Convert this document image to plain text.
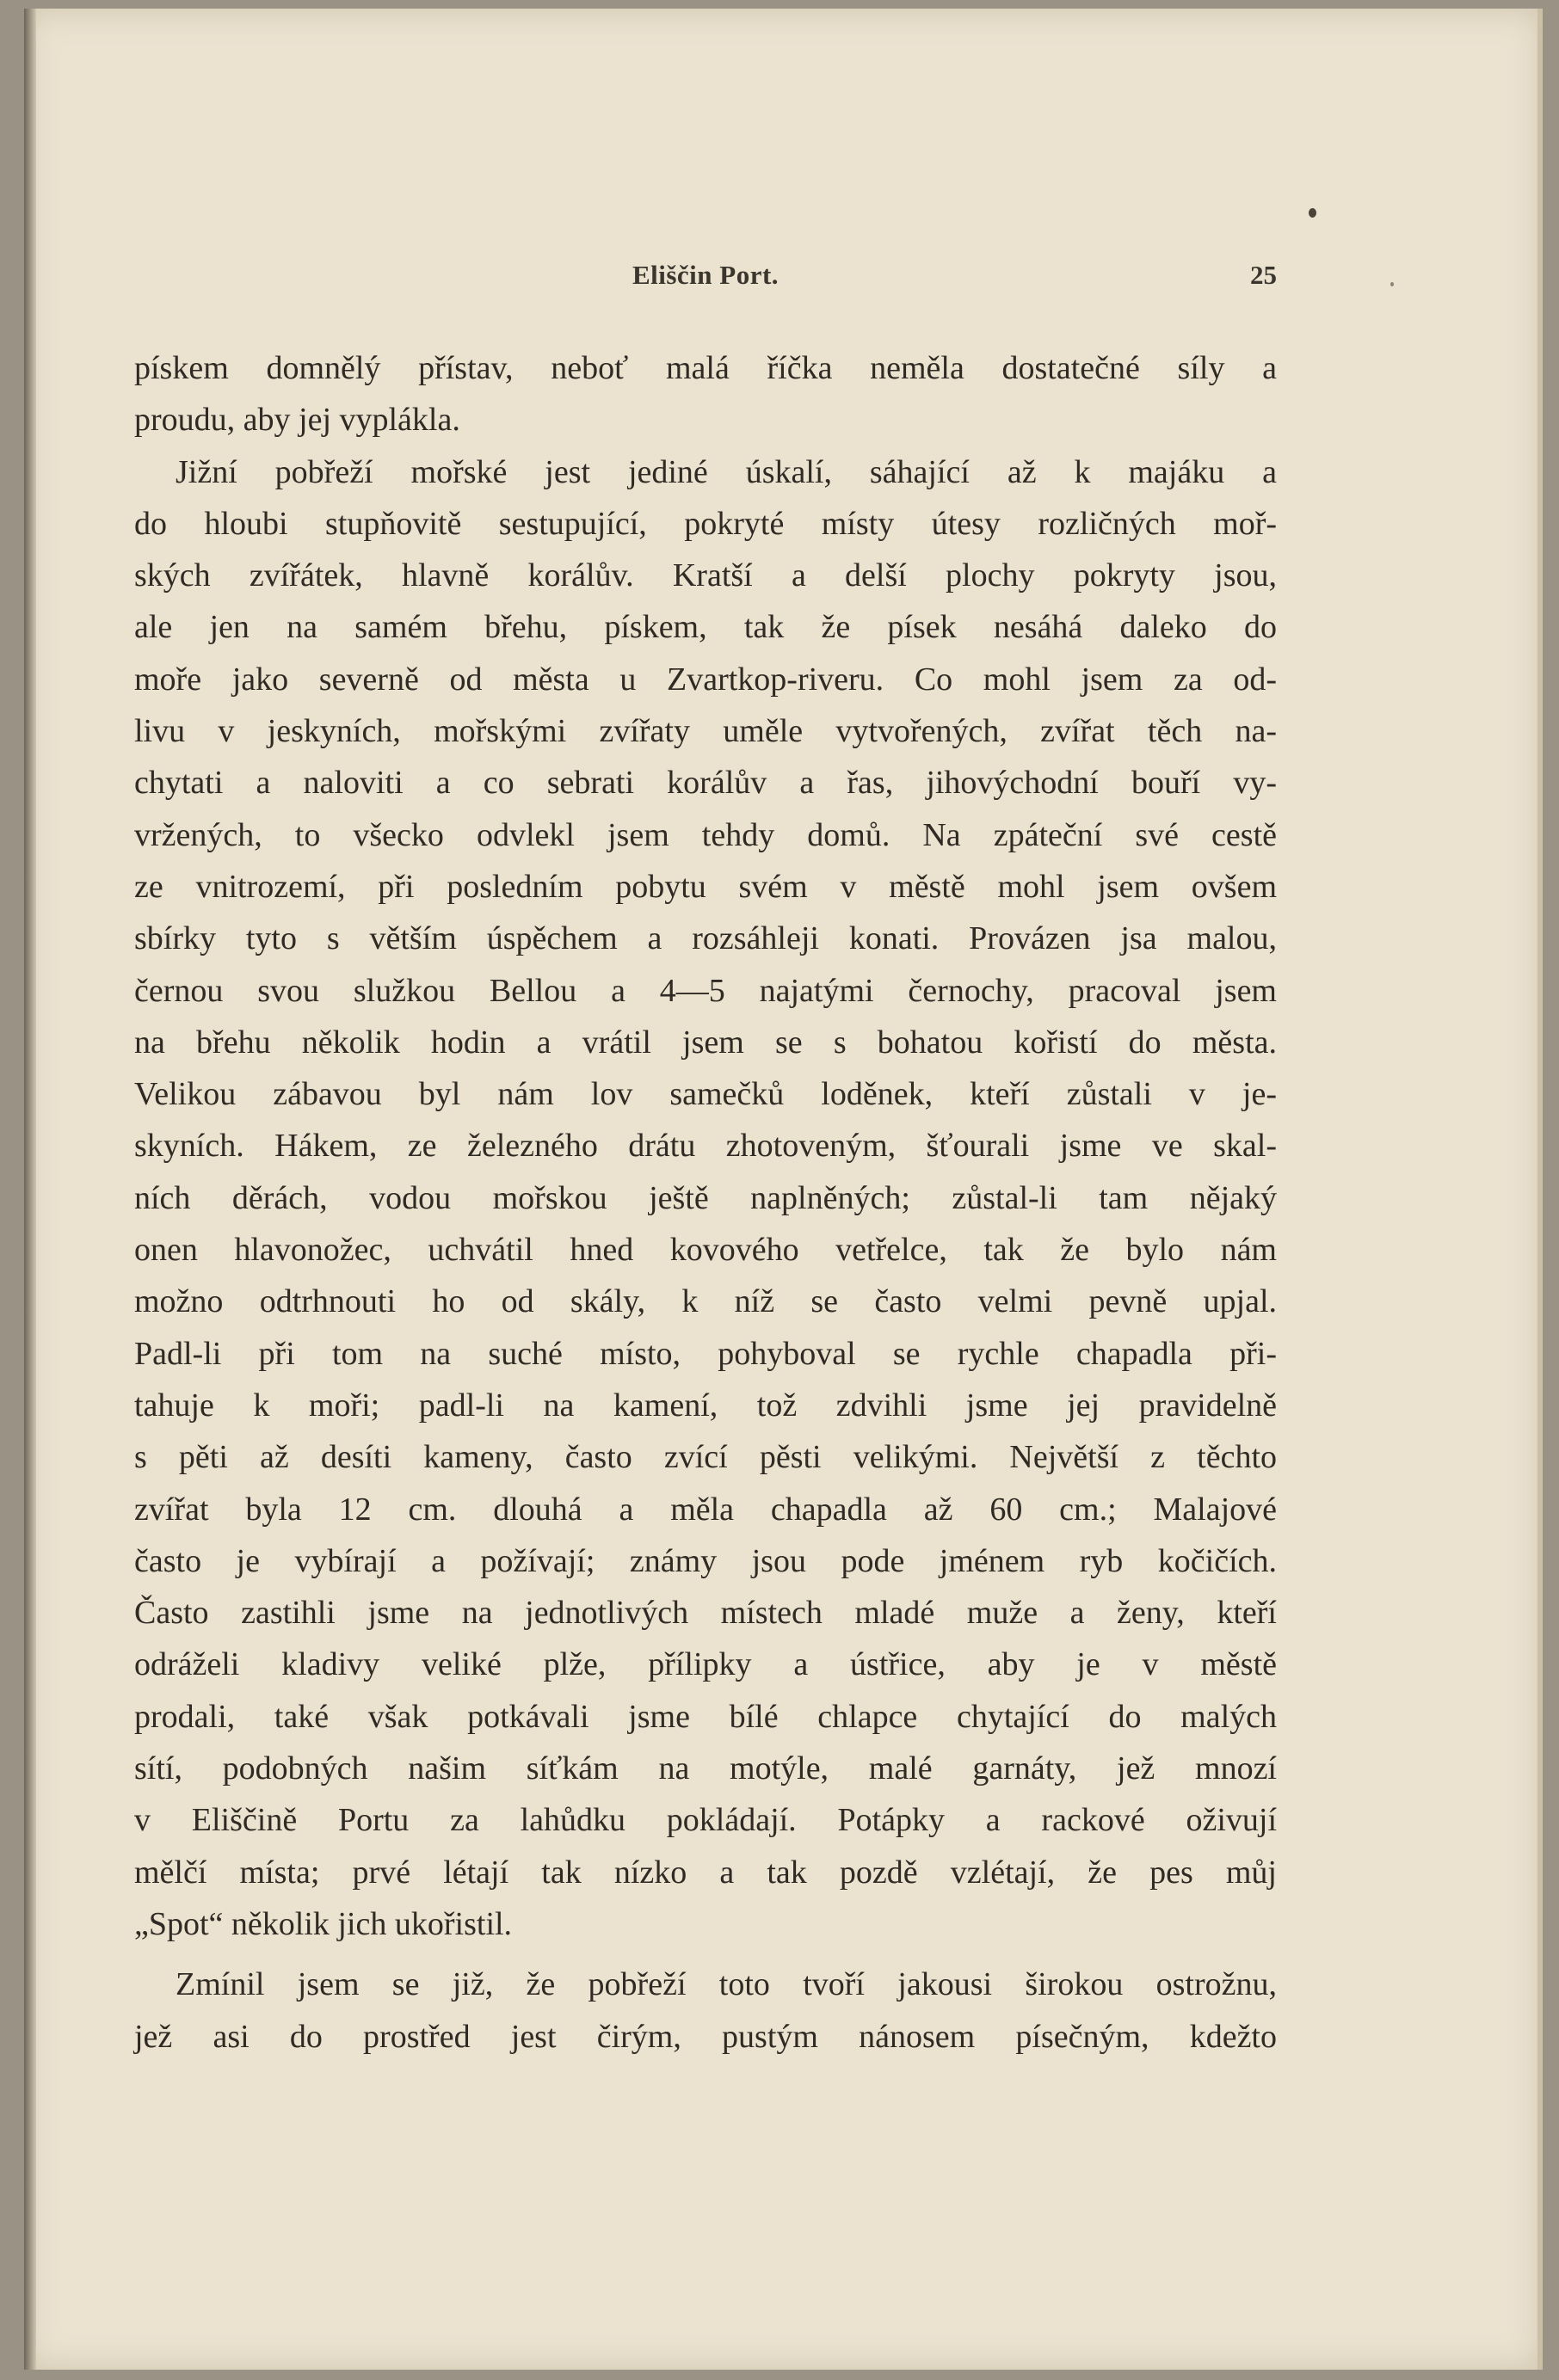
Eliščin Port.	25

pískem domnělý přístav, neboť malá říčka neměla dostatečné síly a

proudu, aby jej vyplákla.

Jižní pobřeží mořské jest jediné úskalí, sáhající až k majáku a

do hloubi stupňovitě sestupující, pokryté místy útesy rozličných moř-

ských zvířátek, hlavně korálův. Kratší a delší plochy pokryty jsou,

ale jen na samém břehu, pískem, tak že písek nesáhá daleko do

moře jako severně od města u Zvartkop-riveru. Co mohl jsem za od-

livu v jeskyních, mořskými zvířaty uměle vytvořených, zvířat těch na-

chytati a naloviti a co sebrati korálův a řas, jihovýchodní bouří vy-

vržených, to všecko odvlekl jsem tehdy domů. Na zpáteční své cestě

ze vnitrozemí, při posledním pobytu svém v městě mohl jsem ovšem

sbírky tyto s větším úspěchem a rozsáhleji konati. Provázen jsa malou,

černou svou služkou Bellou a 4—5 najatými černochy, pracoval jsem

na břehu několik hodin a vrátil jsem se s bohatou kořistí do města.

Velikou zábavou byl nám lov samečků loděnek, kteří zůstali v je-

skyních. Hákem, ze železného drátu zhotoveným, šťourali jsme ve skal-

ních děrách, vodou mořskou ještě naplněných; zůstal-li tam nějaký

onen hlavonožec, uchvátil hned kovového vetřelce, tak že bylo nám

možno odtrhnouti ho od skály, k níž se často velmi pevně upjal.

Padl-li při tom na suché místo, pohyboval se rychle chapadla při-

tahuje k moři; padl-li na kamení, tož zdvihli jsme jej pravidelně

s pěti až desíti kameny, často zvící pěsti velikými. Největší z těchto

zvířat byla 12 cm. dlouhá a měla chapadla až 60 cm.; Malajové

často je vybírají a požívají; známy jsou pode jménem ryb kočičích.

Často zastihli jsme na jednotlivých místech mladé muže a ženy, kteří

odráželi kladivy veliké plže, přílipky a ústřice, aby je v městě

prodali, také však potkávali jsme bílé chlapce chytající do malých

sítí, podobných našim síťkám na motýle, malé garnáty, jež mnozí

v Eliščině Portu za lahůdku pokládají. Potápky a rackové oživují

mělčí místa; prvé létají tak nízko a tak pozdě vzlétají, že pes můj

„Spot“ několik jich ukořistil.

Zmínil jsem se již, že pobřeží toto tvoří jakousi širokou ostrožnu,

jež asi do prostřed jest čirým, pustým nánosem písečným, kdežto
